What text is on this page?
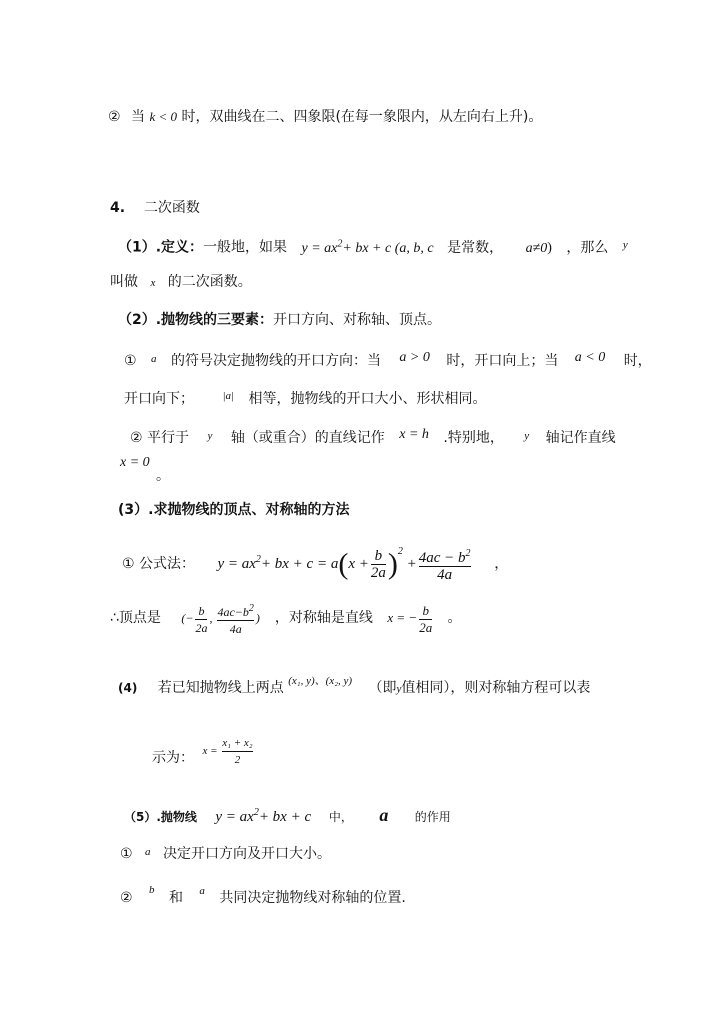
② 当 k < 0 时，双曲线在二、四象限(在每一象限内，从左向右上升)。
4. 二次函数
（1）.定义：一般地，如果 $y = ax^2+$ bx + c (a, b, c 是常数， a≠0) ，那么 $^y$
叫做 x 的二次函数。
（2）.抛物线的三要素：开口方向、对称轴、顶点。
① $^a$ 的符号决定抛物线的开口方向：当 a > 0 时，开口向上；当 a < 0 时，
开口向下；	$^{|a|}$ 相等，抛物线的开口大小、形状相同。
② 平行于 $^y$ 轴（或重合）的直线记作 x = h .特别地， $^y$ 轴记作直线
x = 0
。
(3）.求抛物线的顶点、对称轴的方法
① 公式法： $y = ax^2+$ bx + $c = a(x + \frac{b}{2a} )^2 + \frac{4ac - b^2}{4a}$ ，
∴顶点是 (− $\frac{b}{2a}$ , $\frac{4ac-b^2}{4a}$ ) ，对称轴是直线 x = − $\frac{b}{2a}$ 。
(4) 若已知抛物线上两点 $^{(x_1, y)、(x_2, y)}$ （即y值相同），则对称轴方程可以表
示为： $x = \frac{\text{x₁ + x₂}}{2}$
（5）.抛物线 $y = ax^2+$ bx + c 中， a 的作用
① $^a$ 决定开口方向及开口大小。
② $^b$ 和 $^a$ 共同决定抛物线对称轴的位置.
